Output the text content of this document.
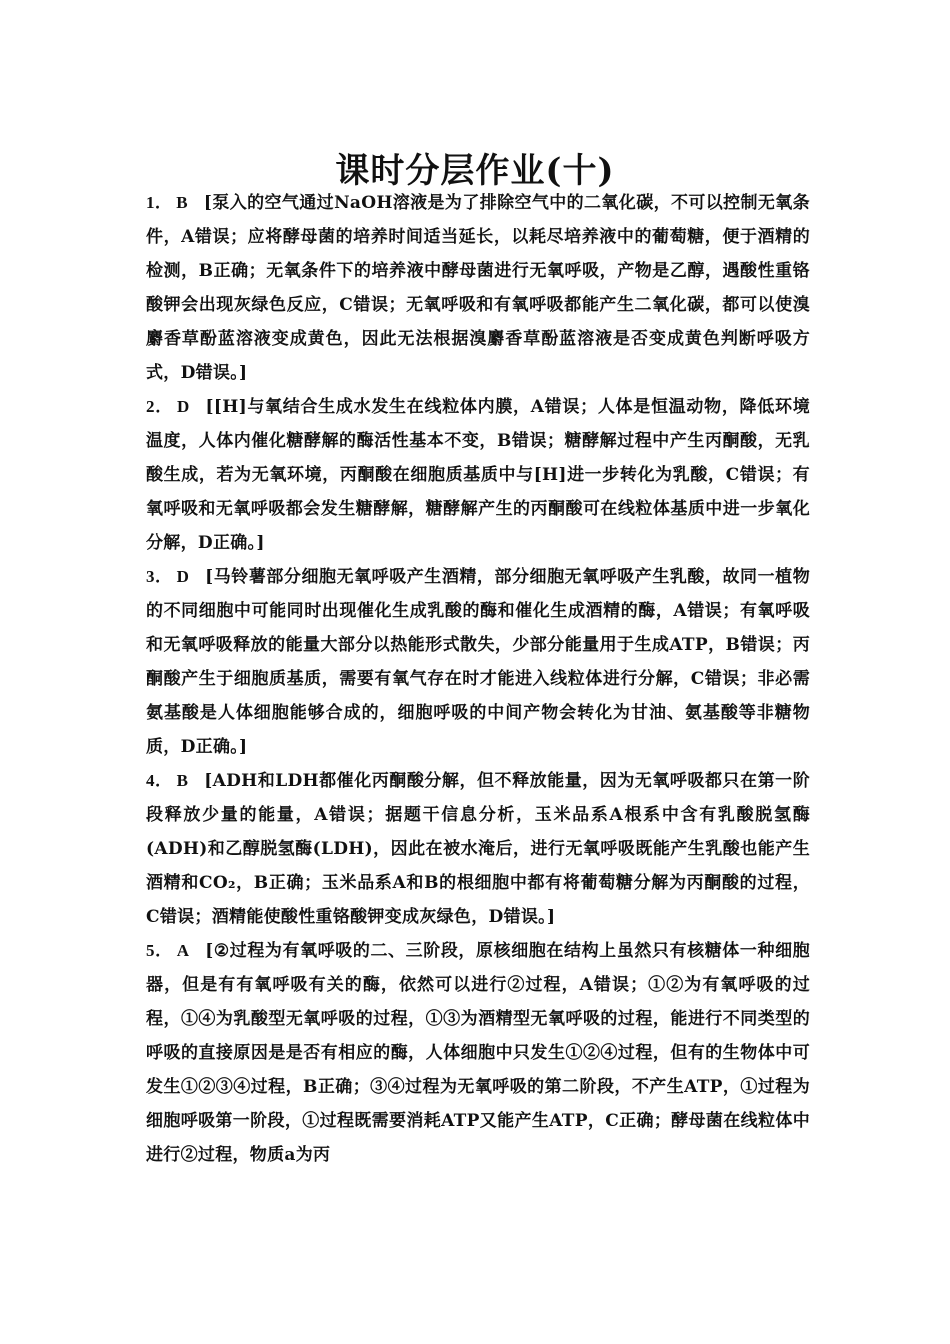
课时分层作业(十)

1． B [泵入的空气通过NaOH溶液是为了排除空气中的二氧化碳，不可以控制无氧条件，A错误；应将酵母菌的培养时间适当延长，以耗尽培养液中的葡萄糖，便于酒精的检测，B正确；无氧条件下的培养液中酵母菌进行无氧呼吸，产物是乙醇，遇酸性重铬酸钾会出现灰绿色反应，C错误；无氧呼吸和有氧呼吸都能产生二氧化碳，都可以使溴麝香草酚蓝溶液变成黄色，因此无法根据溴麝香草酚蓝溶液是否变成黄色判断呼吸方式，D错误。]

2． D [[H]与氧结合生成水发生在线粒体内膜，A错误；人体是恒温动物，降低环境温度，人体内催化糖酵解的酶活性基本不变，B错误；糖酵解过程中产生丙酮酸，无乳酸生成，若为无氧环境，丙酮酸在细胞质基质中与[H]进一步转化为乳酸，C错误；有氧呼吸和无氧呼吸都会发生糖酵解，糖酵解产生的丙酮酸可在线粒体基质中进一步氧化分解，D正确。]

3． D [马铃薯部分细胞无氧呼吸产生酒精，部分细胞无氧呼吸产生乳酸，故同一植物的不同细胞中可能同时出现催化生成乳酸的酶和催化生成酒精的酶，A错误；有氧呼吸和无氧呼吸释放的能量大部分以热能形式散失，少部分能量用于生成ATP，B错误；丙酮酸产生于细胞质基质，需要有氧气存在时才能进入线粒体进行分解，C错误；非必需氨基酸是人体细胞能够合成的，细胞呼吸的中间产物会转化为甘油、氨基酸等非糖物质，D正确。]

4． B [ADH和LDH都催化丙酮酸分解，但不释放能量，因为无氧呼吸都只在第一阶段释放少量的能量，A错误；据题干信息分析，玉米品系A根系中含有乳酸脱氢酶(ADH)和乙醇脱氢酶(LDH)，因此在被水淹后，进行无氧呼吸既能产生乳酸也能产生酒精和CO₂，B正确；玉米品系A和B的根细胞中都有将葡萄糖分解为丙酮酸的过程，C错误；酒精能使酸性重铬酸钾变成灰绿色，D错误。]

5． A [②过程为有氧呼吸的二、三阶段，原核细胞在结构上虽然只有核糖体一种细胞器，但是有有氧呼吸有关的酶，依然可以进行②过程，A错误；①②为有氧呼吸的过程，①④为乳酸型无氧呼吸的过程，①③为酒精型无氧呼吸的过程，能进行不同类型的呼吸的直接原因是是否有相应的酶，人体细胞中只发生①②④过程，但有的生物体中可发生①②③④过程，B正确；③④过程为无氧呼吸的第二阶段，不产生ATP，①过程为细胞呼吸第一阶段，①过程既需要消耗ATP又能产生ATP，C正确；酵母菌在线粒体中进行②过程，物质a为丙
